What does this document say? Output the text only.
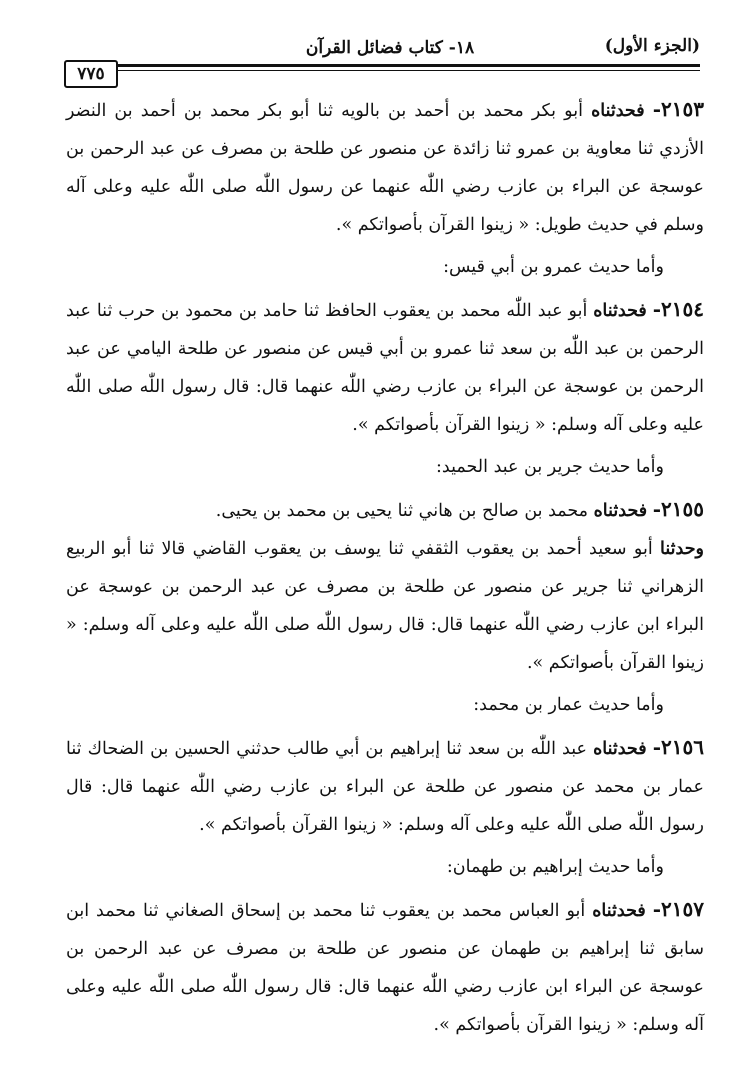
(الجزء الأول)
١٨- كتاب فضائل القرآن
٧٧٥

٢١٥٣- فحدثناه أبو بكر محمد بن أحمد بن بالويه ثنا أبو بكر محمد بن أحمد بن النضر الأزدي ثنا معاوية بن عمرو ثنا زائدة عن منصور عن طلحة بن مصرف عن عبد الرحمن بن عوسجة عن البراء بن عازب رضي اللّٰه عنهما عن رسول اللّٰه صلى اللّٰه عليه وعلى آله وسلم في حديث طويل: « زينوا القرآن بأصواتكم ».

وأما حديث عمرو بن أبي قيس:

٢١٥٤- فحدثناه أبو عبد اللّٰه محمد بن يعقوب الحافظ ثنا حامد بن محمود بن حرب ثنا عبد الرحمن بن عبد اللّٰه بن سعد ثنا عمرو بن أبي قيس عن منصور عن طلحة اليامي عن عبد الرحمن بن عوسجة عن البراء بن عازب رضي اللّٰه عنهما قال: قال رسول اللّٰه صلى اللّٰه عليه وعلى آله وسلم: « زينوا القرآن بأصواتكم ».

وأما حديث جرير بن عبد الحميد:

٢١٥٥- فحدثناه محمد بن صالح بن هاني ثنا يحيى بن محمد بن يحيى.

وحدثنا أبو سعيد أحمد بن يعقوب الثقفي ثنا يوسف بن يعقوب القاضي قالا ثنا أبو الربيع الزهراني ثنا جرير عن منصور عن طلحة بن مصرف عن عبد الرحمن بن عوسجة عن البراء ابن عازب رضي اللّٰه عنهما قال: قال رسول اللّٰه صلى اللّٰه عليه وعلى آله وسلم: « زينوا القرآن بأصواتكم ».

وأما حديث عمار بن محمد:

٢١٥٦- فحدثناه عبد اللّٰه بن سعد ثنا إبراهيم بن أبي طالب حدثني الحسين بن الضحاك ثنا عمار بن محمد عن منصور عن طلحة عن البراء بن عازب رضي اللّٰه عنهما قال: قال رسول اللّٰه صلى اللّٰه عليه وعلى آله وسلم: « زينوا القرآن بأصواتكم ».

وأما حديث إبراهيم بن طهمان:

٢١٥٧- فحدثناه أبو العباس محمد بن يعقوب ثنا محمد بن إسحاق الصغاني ثنا محمد ابن سابق ثنا إبراهيم بن طهمان عن منصور عن طلحة بن مصرف عن عبد الرحمن بن عوسجة عن البراء ابن عازب رضي اللّٰه عنهما قال: قال رسول اللّٰه صلى اللّٰه عليه وعلى آله وسلم: « زينوا القرآن بأصواتكم ».
